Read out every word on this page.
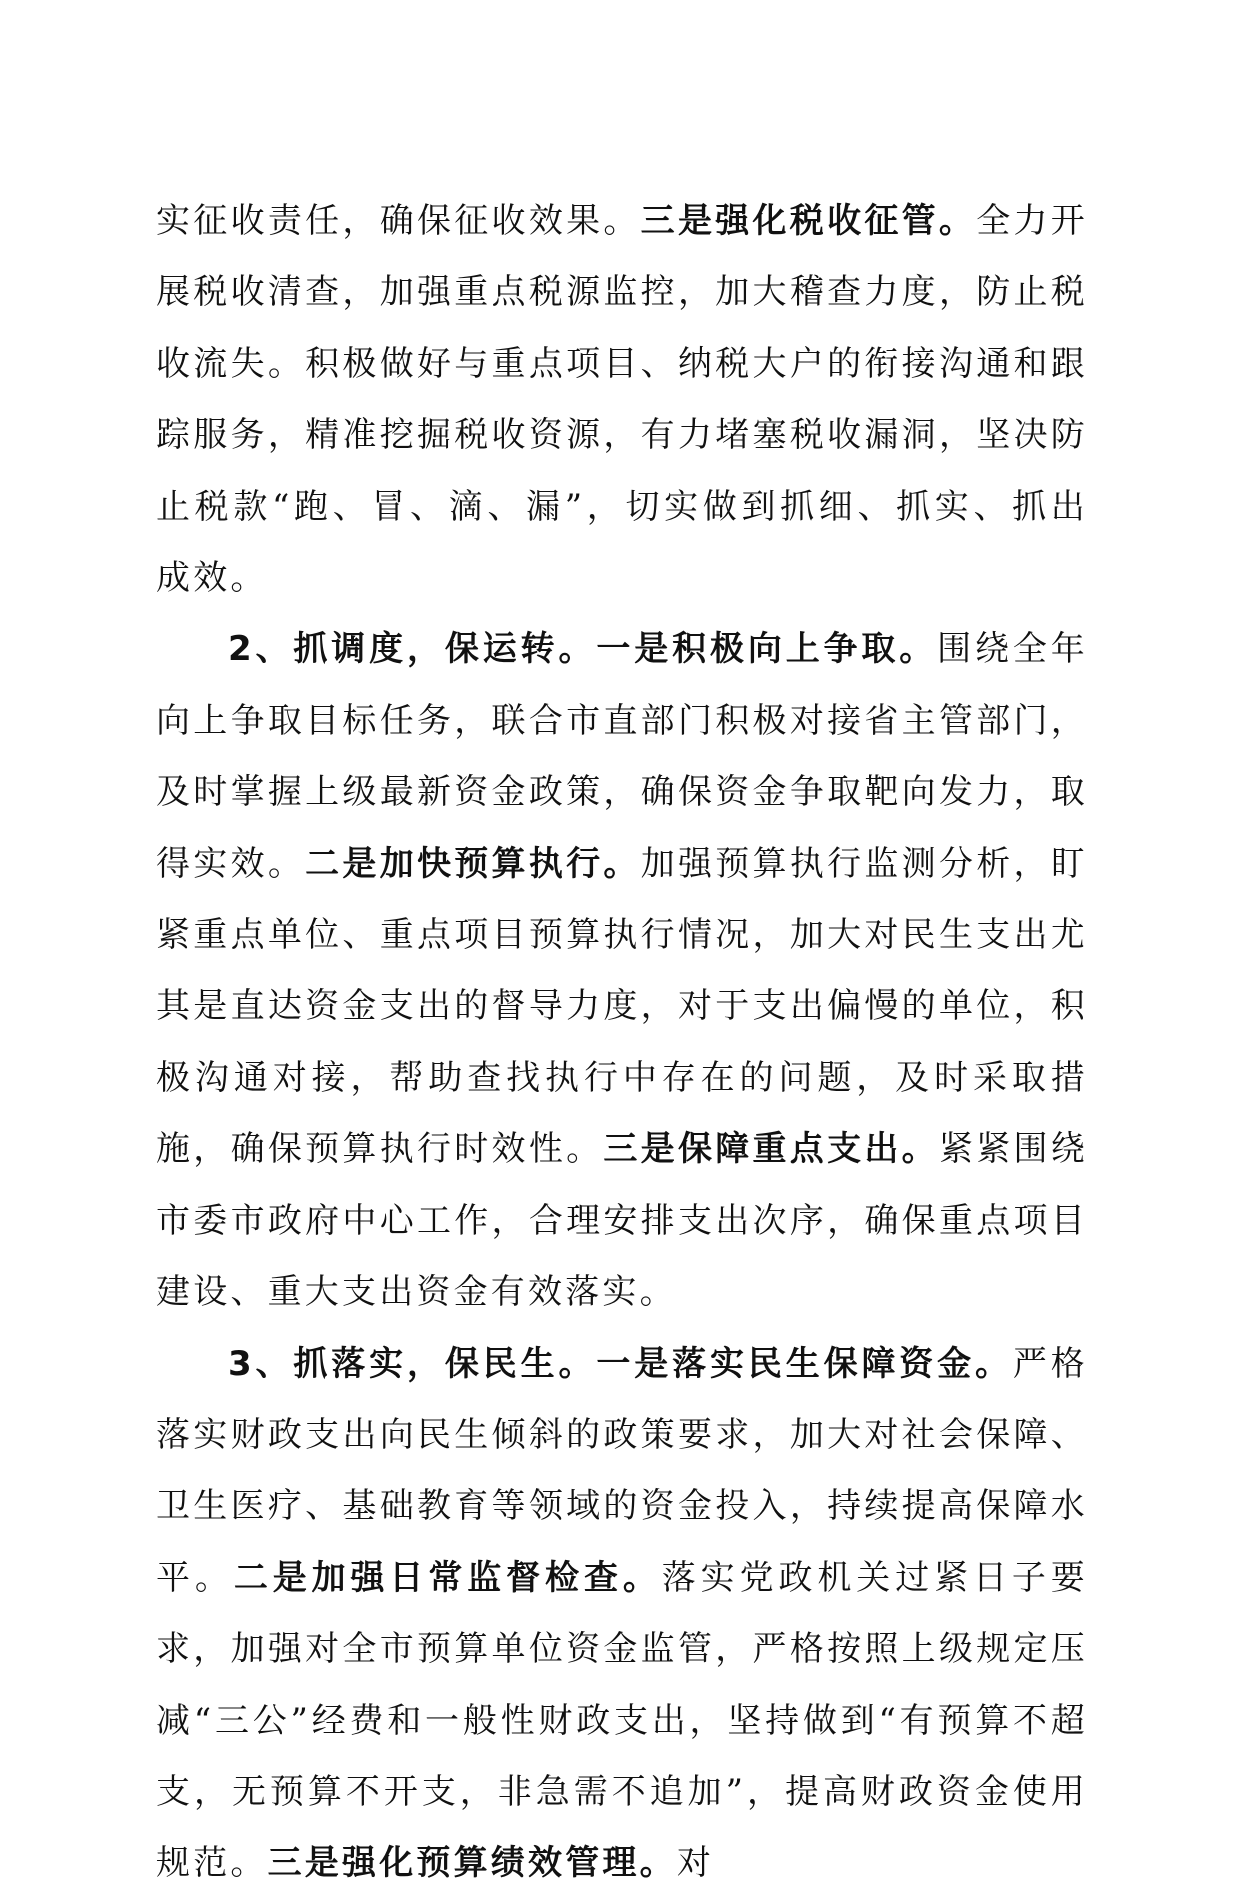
实征收责任，确保征收效果。三是强化税收征管。全力开展税收清查，加强重点税源监控，加大稽查力度，防止税收流失。积极做好与重点项目、纳税大户的衔接沟通和跟踪服务，精准挖掘税收资源，有力堵塞税收漏洞，坚决防止税款“跑、冒、滴、漏”，切实做到抓细、抓实、抓出成效。

2、抓调度，保运转。一是积极向上争取。围绕全年向上争取目标任务，联合市直部门积极对接省主管部门，及时掌握上级最新资金政策，确保资金争取靶向发力，取得实效。二是加快预算执行。加强预算执行监测分析，盯紧重点单位、重点项目预算执行情况，加大对民生支出尤其是直达资金支出的督导力度，对于支出偏慢的单位，积极沟通对接，帮助查找执行中存在的问题，及时采取措施，确保预算执行时效性。三是保障重点支出。紧紧围绕市委市政府中心工作，合理安排支出次序，确保重点项目建设、重大支出资金有效落实。

3、抓落实，保民生。一是落实民生保障资金。严格落实财政支出向民生倾斜的政策要求，加大对社会保障、卫生医疗、基础教育等领域的资金投入，持续提高保障水平。二是加强日常监督检查。落实党政机关过紧日子要求，加强对全市预算单位资金监管，严格按照上级规定压减“三公”经费和一般性财政支出，坚持做到“有预算不超支，无预算不开支，非急需不追加”，提高财政资金使用规范。三是强化预算绩效管理。对
